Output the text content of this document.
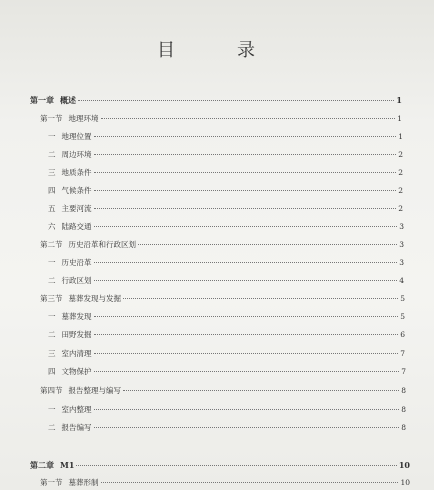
目　录
第一章 概述	1
第一节 地理环境	1
一 地理位置	1
二 周边环境	2
三 地质条件	2
四 气候条件	2
五 主要河流	2
六 陆路交通	3
第二节 历史沿革和行政区划	3
一 历史沿革	3
二 行政区划	4
第三节 墓葬发现与发掘	5
一 墓葬发现	5
二 田野发掘	6
三 室内清理	7
四 文物保护	7
第四节 报告整理与编写	8
一 室内整理	8
二 报告编写	8
第二章 M1	10
第一节 墓葬形制	10
